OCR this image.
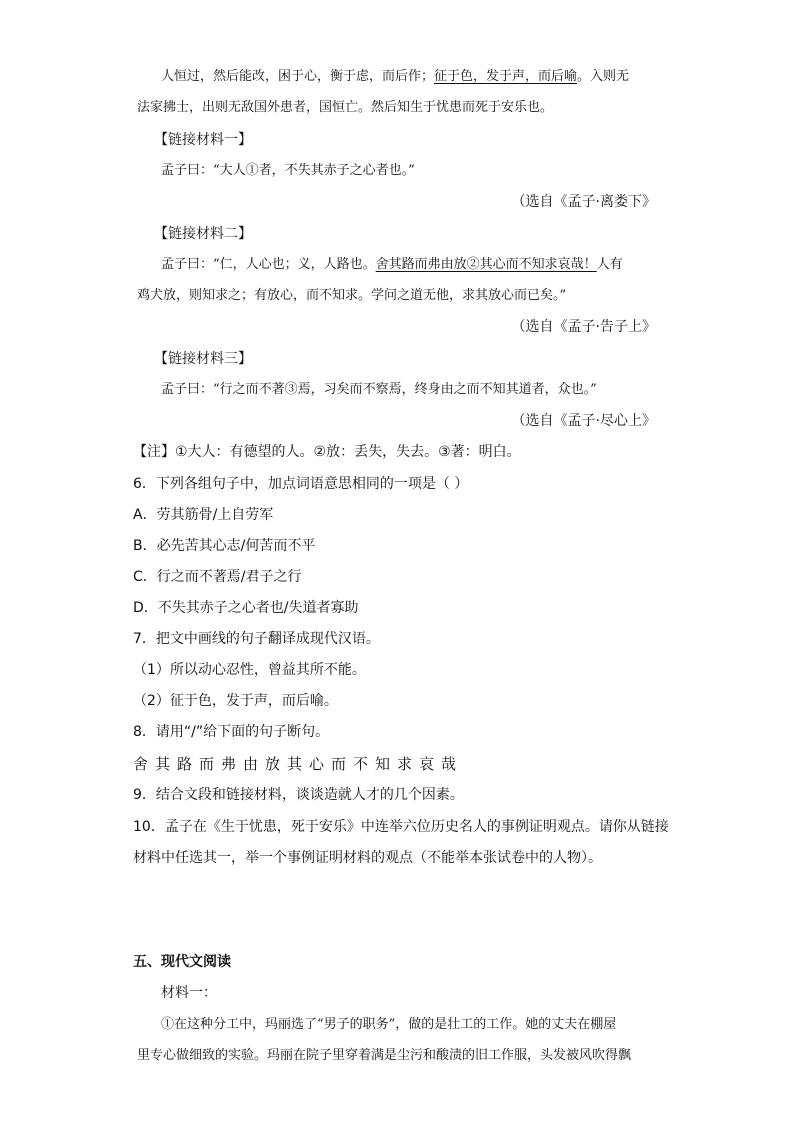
人恒过，然后能改，困于心，衡于虑，而后作；征于色，发于声，而后喻。入则无
法家拂士，出则无敌国外患者，国恒亡。然后知生于忧患而死于安乐也。
【链接材料一】
孟子曰：“大人①者，不失其赤子之心者也。”
（选自《孟子·离娄下》
【链接材料二】
孟子曰：“仁，人心也；义，人路也。舍其路而弗由放②其心而不知求哀哉！人有
鸡犬放，则知求之；有放心，而不知求。学问之道无他，求其放心而已矣。”
（选自《孟子·告子上》
【链接材料三】
孟子曰：“行之而不著③焉，习矣而不察焉，终身由之而不知其道者，众也。”
（选自《孟子·尽心上》
【注】①大人：有德望的人。②放：丢失，失去。③著：明白。
6．下列各组句子中，加点词语意思相同的一项是（ ）
A．劳其筋骨/上自劳军
B．必先苦其心志/何苦而不平
C．行之而不著焉/君子之行
D．不失其赤子之心者也/失道者寡助
7．把文中画线的句子翻译成现代汉语。
（1）所以动心忍性，曾益其所不能。
（2）征于色，发于声，而后喻。
8．请用“/”给下面的句子断句。
舍其路而弗由放其心而不知求哀哉
9．结合文段和链接材料，谈谈造就人才的几个因素。
10．孟子在《生于忧患，死于安乐》中连举六位历史名人的事例证明观点。请你从链接
材料中任选其一，举一个事例证明材料的观点（不能举本张试卷中的人物）。
五、现代文阅读
材料一：
①在这种分工中，玛丽选了“男子的职务”，做的是壮工的工作。她的丈夫在棚屋
里专心做细致的实验。玛丽在院子里穿着满是尘污和酸渍的旧工作服，头发被风吹得飘
